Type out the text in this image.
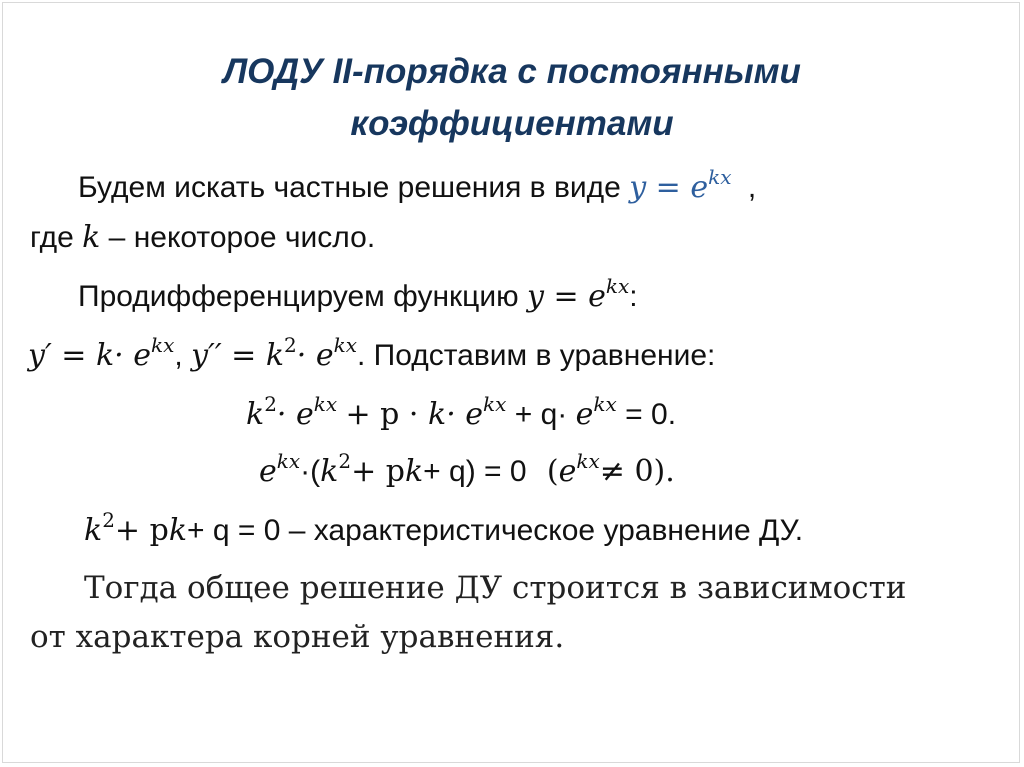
ЛОДУ II-порядка с постоянными
коэффициентами
Будем искать частные решения в виде $y = e^{kx}$ ,
где k – некоторое число.
Продифференцируем функцию $y = e^{kx}$:
$y' = k\cdot e^{kx}$, $y'' = k^2\cdot e^{kx}$. Подставим в уравнение:
$k^2\cdot e^{kx} + p \cdot k\cdot e^{kx} + q\cdot e^{kx} = 0$.
$e^{kx}\cdot(k^2+ pk+ q) = 0$ $(e^{kx}\ne 0)$.
$k^2+ pk+ q = 0$ – характеристическое уравнение ДУ.
Тогда общее решение ДУ строится в зависимости
от характера корней уравнения.
